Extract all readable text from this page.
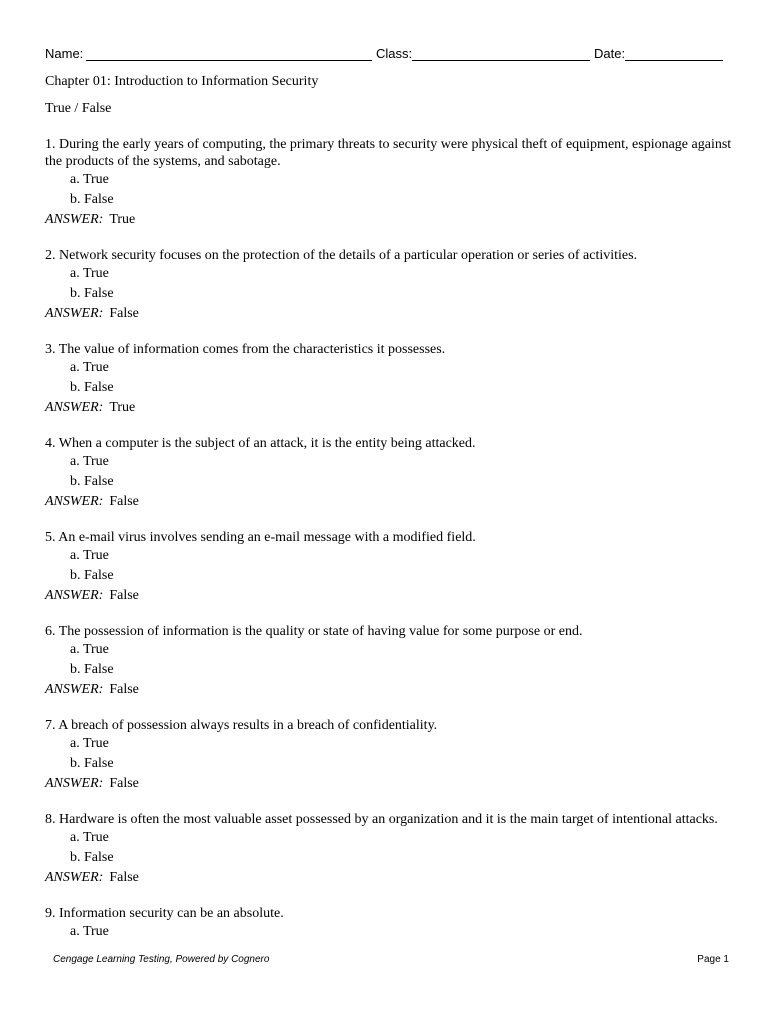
Name:	Class:	Date:
Chapter 01: Introduction to Information Security
True / False
1. During the early years of computing, the primary threats to security were physical theft of equipment, espionage against the products of the systems, and sabotage.
a. True
b. False
ANSWER: True
2. Network security focuses on the protection of the details of a particular operation or series of activities.
a. True
b. False
ANSWER: False
3. The value of information comes from the characteristics it possesses.
a. True
b. False
ANSWER: True
4. When a computer is the subject of an attack, it is the entity being attacked.
a. True
b. False
ANSWER: False
5. An e-mail virus involves sending an e-mail message with a modified field.
a. True
b. False
ANSWER: False
6. The possession of information is the quality or state of having value for some purpose or end.
a. True
b. False
ANSWER: False
7. A breach of possession always results in a breach of confidentiality.
a. True
b. False
ANSWER: False
8. Hardware is often the most valuable asset possessed by an organization and it is the main target of intentional attacks.
a. True
b. False
ANSWER: False
9. Information security can be an absolute.
a. True
Cengage Learning Testing, Powered by Cognero	Page 1
